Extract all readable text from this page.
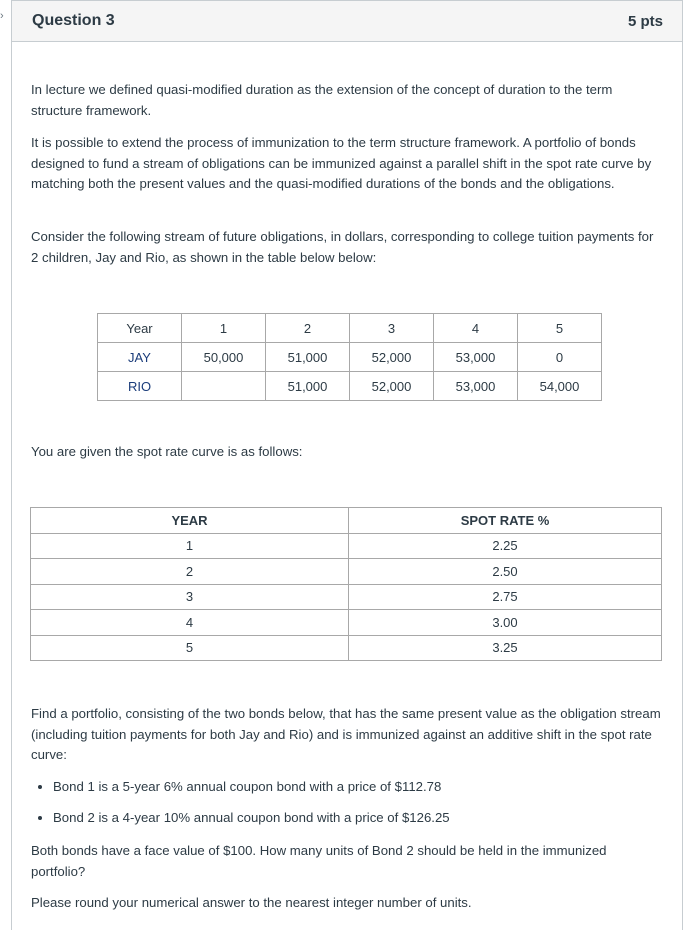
› Question 3	5 pts

In lecture we defined quasi-modified duration as the extension of the concept of duration to the term structure framework.

It is possible to extend the process of immunization to the term structure framework. A portfolio of bonds designed to fund a stream of obligations can be immunized against a parallel shift in the spot rate curve by matching both the present values and the quasi-modified durations of the bonds and the obligations.

Consider the following stream of future obligations, in dollars, corresponding to college tuition payments for 2 children, Jay and Rio, as shown in the table below below:

Year	1	2	3	4	5
JAY	50,000	51,000	52,000	53,000	0
RIO		51,000	52,000	53,000	54,000

You are given the spot rate curve is as follows:

YEAR	SPOT RATE %
1	2.25
2	2.50
3	2.75
4	3.00
5	3.25

Find a portfolio, consisting of the two bonds below, that has the same present value as the obligation stream (including tuition payments for both Jay and Rio) and is immunized against an additive shift in the spot rate curve:

• Bond 1 is a 5-year 6% annual coupon bond with a price of $112.78
• Bond 2 is a 4-year 10% annual coupon bond with a price of $126.25

Both bonds have a face value of $100. How many units of Bond 2 should be held in the immunized portfolio?

Please round your numerical answer to the nearest integer number of units.
